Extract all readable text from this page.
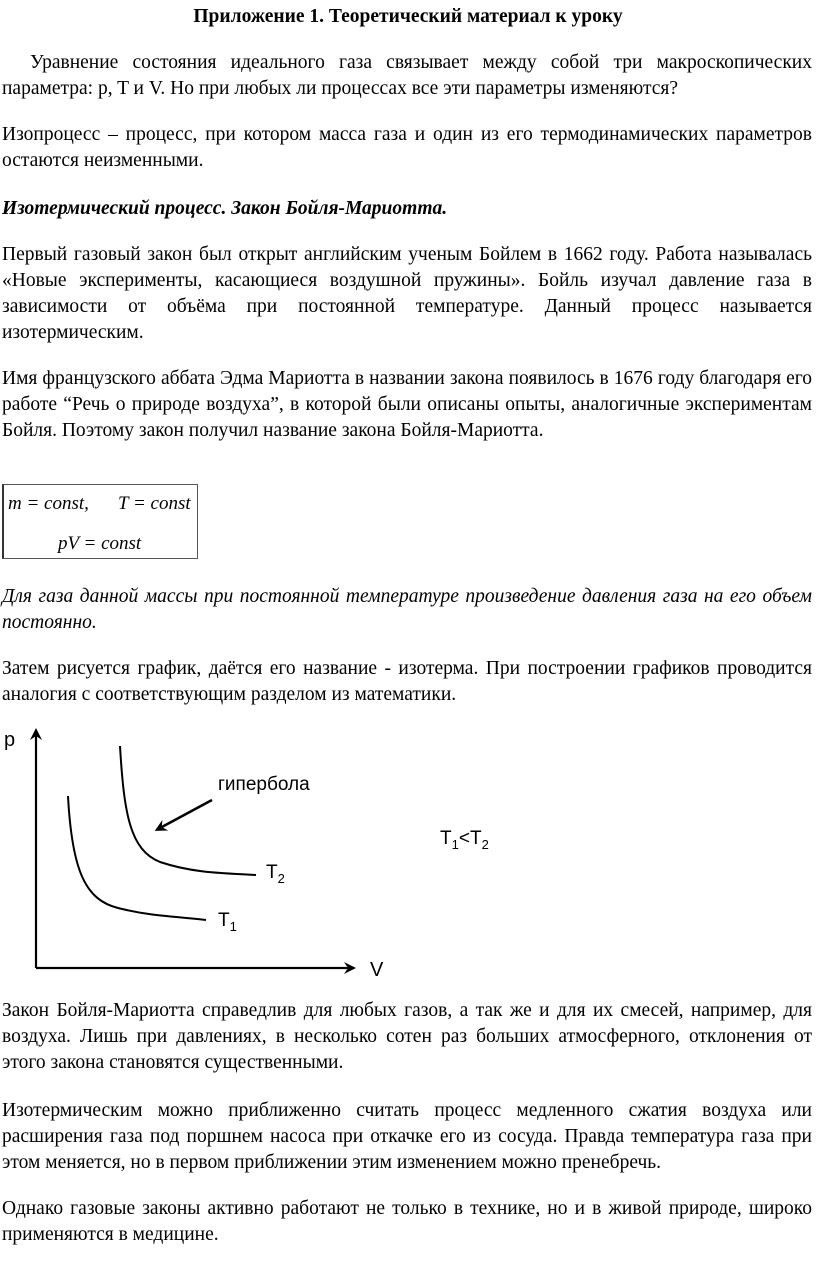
Приложение 1. Теоретический материал к уроку

Уравнение состояния идеального газа связывает между собой три макроскопических параметра: p, T и V. Но при любых ли процессах все эти параметры изменяются?

Изопроцесс – процесс, при котором масса газа и один из его термодинамических параметров остаются неизменными.

Изотермический процесс. Закон Бойля-Мариотта.

Первый газовый закон был открыт английским ученым Бойлем в 1662 году. Работа называлась «Новые эксперименты, касающиеся воздушной пружины». Бойль изучал давление газа в зависимости от объёма при постоянной температуре. Данный процесс называется изотермическим.

Имя французского аббата Эдма Мариотта в названии закона появилось в 1676 году благодаря его работе “Речь о природе воздуха”, в которой были описаны опыты, аналогичные экспериментам Бойля. Поэтому закон получил название закона Бойля-Мариотта.

m = const, T = const
pV = const

Для газа данной массы при постоянной температуре произведение давления газа на его объем постоянно.

Затем рисуется график, даётся его название - изотерма. При построении графиков проводится аналогия с соответствующим разделом из математики.

p
V
гипербола
$T_2$
$T_1$
$T_1<T_2$

Закон Бойля-Мариотта справедлив для любых газов, а так же и для их смесей, например, для воздуха. Лишь при давлениях, в несколько сотен раз больших атмосферного, отклонения от этого закона становятся существенными.

Изотермическим можно приближенно считать процесс медленного сжатия воздуха или расширения газа под поршнем насоса при откачке его из сосуда. Правда температура газа при этом меняется, но в первом приближении этим изменением можно пренебречь.

Однако газовые законы активно работают не только в технике, но и в живой природе, широко применяются в медицине.
